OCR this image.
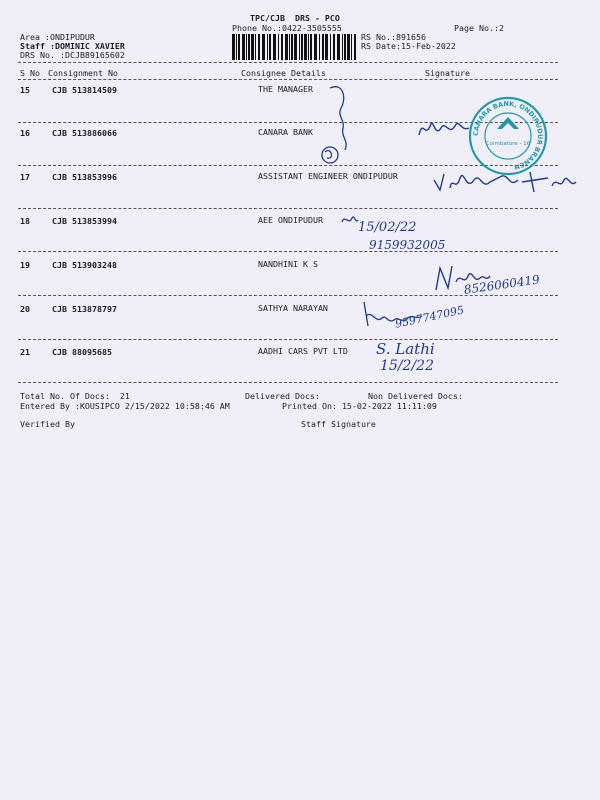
TPC/CJB  DRS - PCO
Phone No.:0422-3505555	Page No.:2
Area :ONDIPUDUR
Staff :DOMINIC XAVIER
DRS No. :DCJB89165602
RS No.:891656
RS Date:15-Feb-2022
S No Consignment No	Consignee Details	Signature
15	CJB 513814509	THE MANAGER
16	CJB 513886066	CANARA BANK
17	CJB 513853996	ASSISTANT ENGINEER ONDIPUDUR
18	CJB 513853994	AEE ONDIPUDUR
19	CJB 513903248	NANDHINI K S
20	CJB 513878797	SATHYA NARAYAN
21	CJB 88095685	AADHI CARS PVT LTD
Total No. Of Docs:  21	Delivered Docs:	Non Delivered Docs:
Entered By :KOUSIPCO 2/15/2022 10:58:46 AM	Printed On: 15-02-2022 11:11:09
Verified By	Staff Signature
CANARA BANK, ONDIPUDUR BRANCH
Coimbatore - 16
15/02/22
9159932005
8526060419
9597747095
S. Lathi
15/2/22
